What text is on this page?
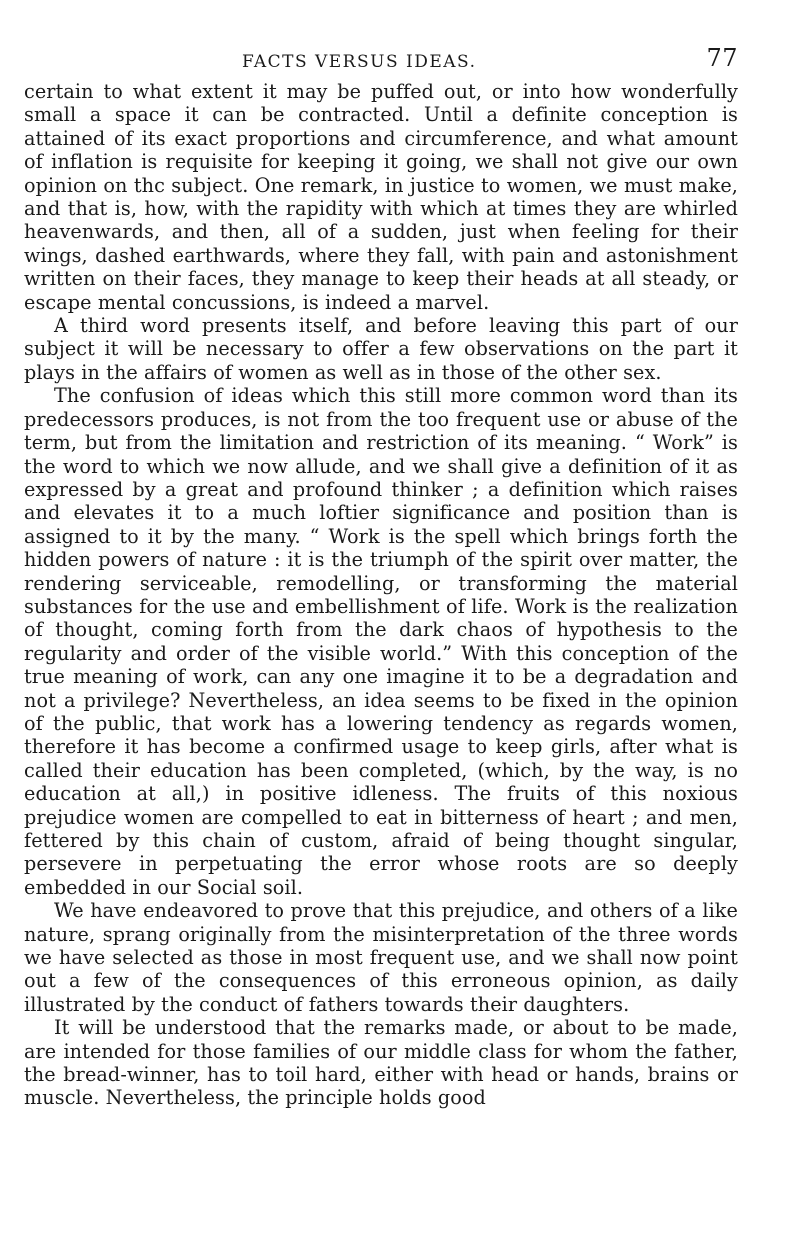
FACTS VERSUS IDEAS.	77

certain to what extent it may be puffed out, or into how wonderfully small a space it can be contracted. Until a definite conception is attained of its exact proportions and circumference, and what amount of inflation is requisite for keeping it going, we shall not give our own opinion on thc subject. One remark, in justice to women, we must make, and that is, how, with the rapidity with which at times they are whirled heavenwards, and then, all of a sudden, just when feeling for their wings, dashed earthwards, where they fall, with pain and astonishment written on their faces, they manage to keep their heads at all steady, or escape mental concussions, is indeed a marvel.

A third word presents itself, and before leaving this part of our subject it will be necessary to offer a few observations on the part it plays in the affairs of women as well as in those of the other sex.

The confusion of ideas which this still more common word than its predecessors produces, is not from the too frequent use or abuse of the term, but from the limitation and restriction of its meaning. “ Work” is the word to which we now allude, and we shall give a definition of it as expressed by a great and profound thinker ; a definition which raises and elevates it to a much loftier significance and position than is assigned to it by the many. “ Work is the spell which brings forth the hidden powers of nature : it is the triumph of the spirit over matter, the rendering serviceable, remodelling, or transforming the material substances for the use and embellishment of life. Work is the realization of thought, coming forth from the dark chaos of hypothesis to the regularity and order of the visible world.” With this conception of the true meaning of work, can any one imagine it to be a degradation and not a privilege? Nevertheless, an idea seems to be fixed in the opinion of the public, that work has a lowering tendency as regards women, therefore it has become a confirmed usage to keep girls, after what is called their education has been completed, (which, by the way, is no education at all,) in positive idleness. The fruits of this noxious prejudice women are compelled to eat in bitterness of heart ; and men, fettered by this chain of custom, afraid of being thought singular, persevere in perpetuating the error whose roots are so deeply embedded in our Social soil.

We have endeavored to prove that this prejudice, and others of a like nature, sprang originally from the misinterpretation of the three words we have selected as those in most frequent use, and we shall now point out a few of the consequences of this erroneous opinion, as daily illustrated by the conduct of fathers towards their daughters.

It will be understood that the remarks made, or about to be made, are intended for those families of our middle class for whom the father, the bread-winner, has to toil hard, either with head or hands, brains or muscle. Nevertheless, the principle holds good
